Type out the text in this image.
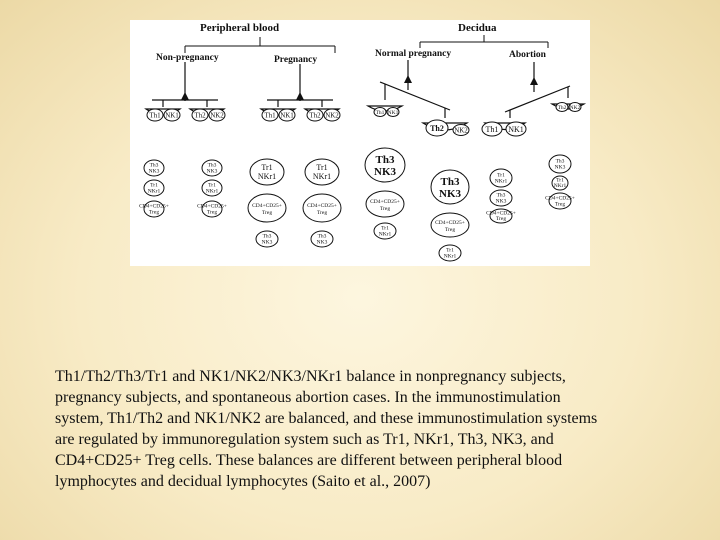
Peripheral blood	Decidua
Non-pregnancy	Pregnancy
Normal pregnancy	Abortion
Th1 NK1 Th2 NK2	Th1 NK1 Th2 NK2	Th1 NK1
Th2 NK2 Th1 NK1
Th2 NK2
Th3
NK3
Tr1
NKr1
CD4+CD25+
Treg
Th3
NK3
Tr1
NKr1
CD4+CD25+
Treg
Tr1
NKr1
CD4+CD25+
Treg
Th3
NK3
Tr1
NKr1
CD4+CD25+
Treg
Th3
NK3
Th3
NK3
CD4+CD25+
Treg
Tr1
NKr1
Th3
NK3
CD4+CD25+
Treg
Tr1
NKr1
Tr1
NKr1
Th3
NK3
CD4+CD25+
Treg
Th3
NK3
Tr1
NKr1
CD4+CD25+
Treg
Th1/Th2/Th3/Tr1 and NK1/NK2/NK3/NKr1 balance in nonpregnancy subjects,
pregnancy subjects, and spontaneous abortion cases. In the immunostimulation
system, Th1/Th2 and NK1/NK2 are balanced, and these immunostimulation systems
are regulated by immunoregulation system such as Tr1, NKr1, Th3, NK3, and
CD4+CD25+ Treg cells. These balances are different between peripheral blood
lymphocytes and decidual lymphocytes (Saito et al., 2007)
